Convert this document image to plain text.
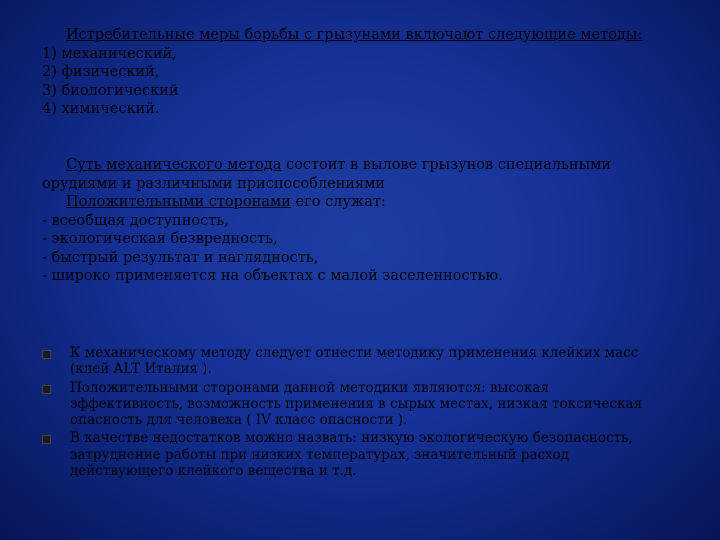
Истребительные меры борьбы с грызунами включают следующие методы:
1) механический,
2) физический,
3) биологический
4) химический.
Суть механического метода состоит в вылове грызунов специальными
орудиями и различными приспособлениями
Положительными сторонами его служат:
- всеобщая доступность,
- экологическая безвредность,
- быстрый результат и наглядность,
- широко применяется на объектах с малой заселенностью.
К механическому методу следует отнести методику применения клейких масс
(клей ALT Италия ).
Положительными сторонами данной методики являются: высокая
эффективность, возможность применения в сырых местах, низкая токсическая
опасность для человека ( IV класс опасности ).
В качестве недостатков можно назвать: низкую экологическую безопасность,
затруднение работы при низких температурах, значительный расход
действующего клейкого вещества и т.д.
